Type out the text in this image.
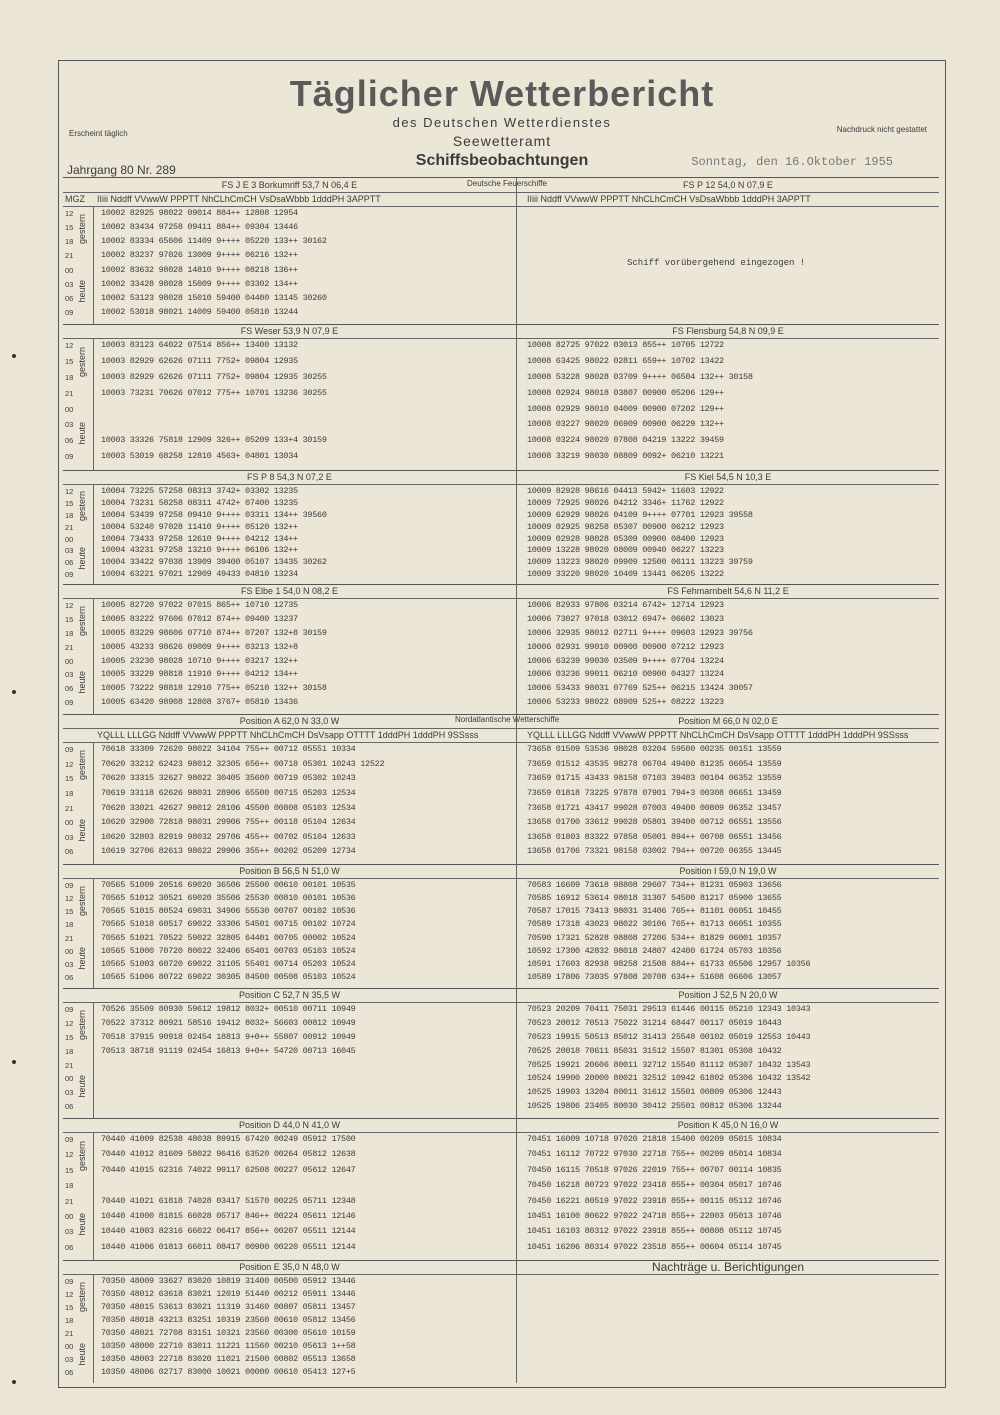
Erscheint täglich
Täglicher Wetterbericht
des Deutschen Wetterdienstes
Seewetteramt
Schiffsbeobachtungen
Nachdruck nicht gestattet
Jahrgang 80 Nr. 289
Sonntag, den 16.Oktober 1955
FS J E 3 Borkumriff 53,7 N 06,4 E
IIiii Nddff VVwwW PPPTT NhCLhCmCH VsDsaWbbb 1dddPH 3APPTT
MGZ
12
15
18
21
00
03
06
09
gestern
heute
10002 82925 98022 09014 884++ 12808 12954
10002 83434 97258 09411 884++ 09304 13446
10002 83334 65606 11409 9++++ 05220 133++ 30162
10002 83237 97026 13009 9++++ 06216 132++
10002 83632 98028 14810 9++++ 08218 136++
10002 33428 98028 15009 9++++ 03302 134++
10002 53123 98028 15010 59400 04400 13145 30260
10002 53018 98021 14009 59400 05810 13244
FS P 12 54,0 N 07,9 E
IIiii Nddff VVwwW PPPTT NhCLhCmCH VsDsaWbbb 1dddPH 3APPTT
Schiff vorübergehend eingezogen !
FS Weser 53,9 N 07,9 E
12
15
18
21
00
03
06
09
gestern
heute
10003 83123 64022 07514 856++ 13400 13132
10003 82929 62626 07111 7752+ 09804 12935
10003 82929 62626 07111 7752+ 09804 12935 30255
10003 73231 70626 07012 775++ 10701 13236 30255
10003 33326 75818 12909 326++ 05209 133+4 30159
10003 53019 68258 12810 4563+ 04801 13034
FS Flensburg 54,8 N 09,9 E
10008 82725 97022 03013 855++ 10705 12722
10008 63425 98022 02811 659++ 10702 13422
10008 53228 98028 03709 9++++ 06504 132++ 30158
10008 02924 98018 03807 00900 05206 129++
10008 02929 98010 04009 00900 07202 129++
10008 03227 98020 06909 00900 06229 132++
10008 03224 98020 07808 04219 13222 39459
10008 33219 98030 08809 0092+ 06210 13221
FS P 8 54,3 N 07,2 E
12
15
18
21
00
03
06
09
gestern
heute
10004 73225 57258 08313 3742+ 03302 13235
10004 73231 58258 08311 4742+ 07400 13235
10004 53439 97258 09410 9++++ 03311 134++ 39560
10004 53240 97028 11410 9++++ 05120 132++
10004 73433 97258 12610 9++++ 04212 134++
10004 43231 97258 13210 9++++ 06106 132++
10004 33422 97038 13909 39400 05107 13435 30262
10004 63221 97021 12909 49433 04810 13234
FS Kiel 54,5 N 10,3 E
10009 82928 98616 04413 5942+ 11603 12922
10009 72925 98026 04212 3346+ 11762 12922
10009 62929 98026 04109 9++++ 07701 12923 39558
10009 02925 98258 05307 00900 06212 12923
10009 02928 98028 05309 00900 08400 12923
10009 13228 98020 08009 00940 06227 13223
10009 13223 98020 09909 12500 06111 13223 39759
10009 33220 98020 10409 13441 06205 13222
FS Elbe 1 54,0 N 08,2 E
12
15
18
21
00
03
06
09
gestern
heute
10005 82720 97022 07015 865++ 10710 12735
10005 83222 97606 07012 874++ 09400 13237
10005 83229 98606 07710 874++ 07207 132+8 30159
10005 43233 98626 09009 9++++ 03213 132+8
10005 23230 98028 10710 9++++ 03217 132++
10005 33229 98818 11910 9++++ 04212 134++
10005 73222 98818 12910 775++ 05210 132++ 30158
10005 63420 98908 12808 3767+ 05810 13436
FS Fehmarnbelt 54,6 N 11,2 E
10006 82933 97806 03214 6742+ 12714 12923
10006 73027 97018 03012 6947+ 06602 13023
10006 32935 98012 02711 9++++ 09603 12923 39756
10006 02931 99010 00900 00900 07212 12923
10006 63239 99030 03509 9++++ 07704 13224
10006 03236 99011 06210 00900 04327 13224
10006 53433 98031 07769 525++ 06215 13424 30057
10006 53233 98022 08909 525++ 08222 13223
Position A 62,0 N 33,0 W
YQLLL LLLGG Nddff VVwwW PPPTT NhCLhCmCH DsVsapp OTTTT 1dddPH 1dddPH 9SSsss
09
12
15
18
21
00
03
06
gestern
heute
70618 33309 72620 98022 34104 755++ 00712 05551 10334
70620 33212 62423 98012 32305 656++ 00718 05301 10243 12522
70620 33315 32627 98022 30405 35600 00719 05302 10243
70619 33118 62626 98031 28906 65500 00715 05203 12534
70620 33021 42627 98012 28106 45500 00808 05103 12534
10620 32900 72818 98031 29906 755++ 00118 05104 12634
10620 32803 82919 98032 29706 455++ 00702 05104 12633
10619 32706 82613 98022 29906 355++ 00202 05209 12734
Position M 66,0 N 02,0 E
YQLLL LLLGG Nddff VVwwW PPPTT NhCLhCmCH DsVsapp OTTTT 1dddPH 1dddPH 9SSsss
73658 01509 53536 98028 03204 59500 00235 00151 13559
73659 01512 43535 98278 06704 49400 81235 06054 13559
73659 01715 43433 98158 07103 39403 00104 06352 13559
73659 01818 73225 97878 07901 794+3 00308 06651 13459
73658 01721 43417 99028 07003 49400 00809 06352 13457
13658 01700 33612 99028 05801 39400 00712 06551 13556
13658 01803 83322 97858 05001 894++ 00708 06551 13456
13658 01706 73321 98158 03002 794++ 00720 06355 13445
Position B 56,5 N 51,0 W
09
12
15
18
21
00
03
06
gestern
heute
70565 51009 20516 69020 36506 25500 00610 00101 10535
70565 51012 30521 69020 35506 25530 00810 00101 10536
70565 51015 80524 69031 34906 55530 00707 00102 10536
70565 51018 60517 69022 33306 54501 00715 00102 10724
70565 51021 70522 59022 32805 64401 00705 00002 10524
10565 51000 70720 80022 32406 65401 00703 05103 10524
10565 51003 60720 69022 31105 55401 00714 05203 10524
10565 51006 80722 69022 30305 84500 00508 05103 10524
Position I 59,0 N 19,0 W
70583 16609 73618 98808 29607 734++ 81231 05903 13656
70585 16912 53614 98018 31307 54500 81217 05900 13655
70587 17015 73413 98031 31406 765++ 81101 06051 10455
70589 17318 43023 98022 30106 765++ 81713 06051 10355
70590 17321 52828 98808 27206 534++ 81829 06001 10357
10592 17300 42832 98018 24807 42400 61724 05703 10356
10591 17603 82938 98258 21508 884++ 61733 05506 12957 10356
10589 17806 73035 97808 20708 634++ 51608 06606 13057
Position C 52,7 N 35,5 W
09
12
15
18
21
00
03
06
gestern
heute
70526 35509 80930 59612 19812 8032+ 00510 00711 10949
70522 37312 80921 58516 19412 8032+ 56603 00812 10949
70518 37915 90918 02454 18813 9+0++ 55807 00912 10949
70513 38718 91119 02454 16813 9+0++ 54720 00713 16045
Position J 52,5 N 20,0 W
70523 20209 70411 75031 29513 61446 00115 05210 12343 10343
70523 20012 70513 75022 31214 68447 00117 05019 10443
70523 19915 50513 85012 31413 25548 00102 05019 12553 10443
70525 20018 70611 85031 31512 15507 81301 05308 10432
70525 19921 20606 80011 32712 15540 81112 05307 10432 13543
10524 19900 20000 80021 32512 10942 61802 05306 10432 13542
10525 19903 13204 80011 31612 15501 00809 05306 12443
10525 19806 23405 80030 30412 25501 00812 05306 13244
Position D 44,0 N 41,0 W
09
12
15
18
21
00
03
06
gestern
heute
70440 41009 82538 48038 89915 67420 00249 05912 17500
70440 41012 81609 58022 96416 63520 00264 05812 12638
70440 41015 62316 74022 99117 62508 00227 05612 12647
70440 41021 61818 74028 03417 51570 00225 05711 12348
10440 41000 81815 66028 05717 846++ 00224 05611 12146
10440 41003 82316 66022 06417 856++ 00207 05511 12144
10440 41006 01813 66011 08417 00900 00220 05511 12144
Position K 45,0 N 16,0 W
70451 16009 10718 97020 21818 15400 00209 05015 10834
70451 16112 70722 97030 22718 755++ 00209 05014 10834
70450 16115 70518 97026 22019 755++ 00707 00114 10835
70450 16218 80723 97022 23418 855++ 00304 05017 10746
70450 16221 80519 97022 23918 855++ 00115 05112 10746
10451 16100 80622 97022 24718 855++ 22003 05013 10746
10451 16103 80312 97022 23918 855++ 00808 05112 10745
10451 16206 80314 97022 23518 855++ 00604 05114 10745
Position E 35,0 N 48,0 W
09
12
15
18
21
00
03
06
gestern
heute
70350 48009 33627 83020 10819 31400 00500 05912 13446
70350 48012 63618 83021 12019 51440 00212 05911 13446
70350 48015 53613 83021 11319 31460 00807 05811 13457
70350 48018 43213 83251 10319 23560 00610 05812 13456
70350 48021 72708 83151 10321 23560 00300 05610 10159
10350 48000 22710 83011 11221 11560 00210 05613 1++58
10350 48003 22718 83020 11021 21500 00802 05513 13658
10350 48006 02717 83000 10021 00000 00610 05413 127+5
Nachträge u. Berichtigungen
Deutsche Feuerschiffe
Nordatlantische Wetterschiffe
